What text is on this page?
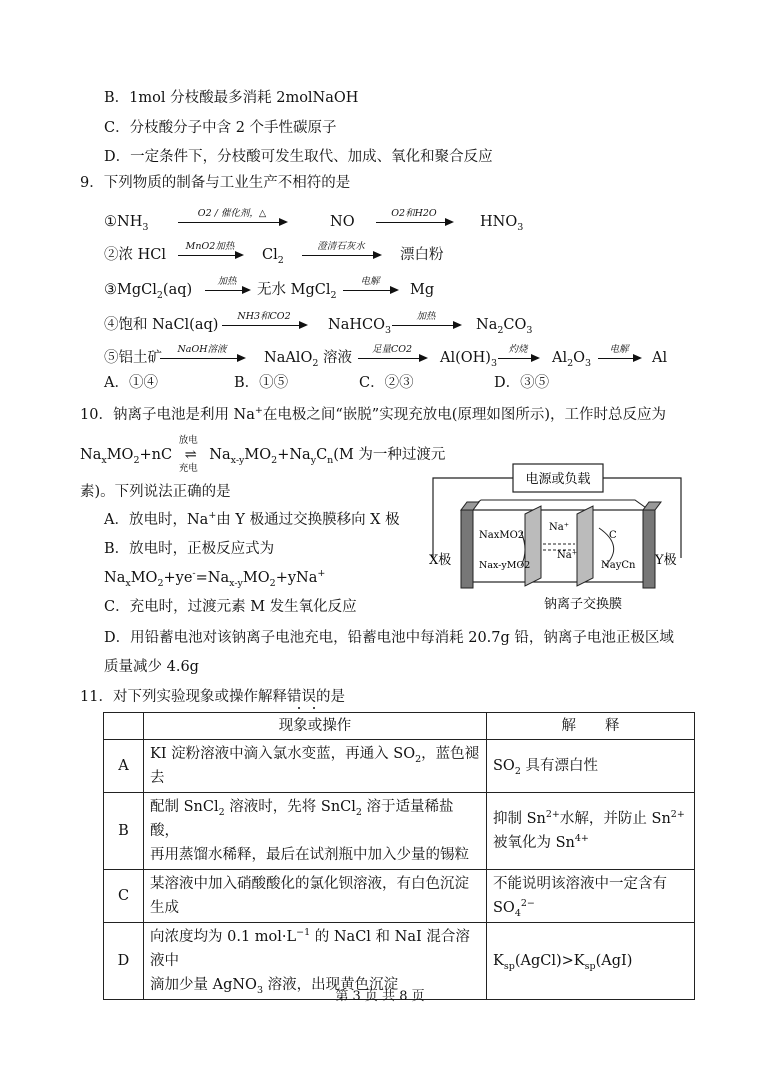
B．1mol 分枝酸最多消耗 2molNaOH
C．分枝酸分子中含 2 个手性碳原子
D．一定条件下，分枝酸可发生取代、加成、氧化和聚合反应
9．下列物质的制备与工业生产不相符的是
$①NH_3$
O2 / 催化剂，△
NO
O2和H2O
$HNO_3$
②浓 HCl
MnO2加热
$Cl_2$
澄清石灰水
漂白粉
③MgCl$_2$(aq)
加热
无水 MgCl$_2$
电解
Mg
④饱和 NaCl(aq)
NH3和CO2
NaHCO$_3$
加热
$Na_2CO_3$
⑤铝土矿
NaOH溶液
NaAlO$_2$ 溶液
足量CO2
$Al(OH)_3$
灼烧
$Al_2O_3$
电解
Al
A．①④	B．①⑤	C．②③	D．③⑤
10．钠离子电池是利用 Na+在电极之间“嵌脱”实现充放电(原理如图所示)，工作时总反应为
$Na_xMO_2+nC$ ⇌
放电
充电
$Na_{x-y}MO_2+Na_yC_n(M$ 为一种过渡元
素)。下列说法正确的是
A．放电时，Na+由 Y 极通过交换膜移向 X 极
B．放电时，正极反应式为
$Na_xMO_2+ye^-=Na_{x-y}MO_2+yNa^+$
C．充电时，过渡元素 M 发生氧化反应
D．用铅蓄电池对该钠离子电池充电，铅蓄电池中每消耗 20.7g 铅，钠离子电池正极区域
质量减少 4.6g
电源或负载
NaxMO2
Nax-yMO2
Na⁺
Na⁺
C
NayCn
X极	Y极
钠离子交换膜
11．对下列实验现象或操作解释错误的是
	现象或操作	解　　释
A	KI 淀粉溶液中滴入氯水变蓝，再通入 $SO_2$，蓝色褪
去	$SO_2$ 具有漂白性
B	配制 SnCl$_2$ 溶液时，先将 SnCl$_2$ 溶于适量稀盐酸，
再用蒸馏水稀释，最后在试剂瓶中加入少量的锡粒	抑制 $Sn^{2+}$水解，并防止 $Sn^{2+}$
被氧化为 $Sn^{4+}$
C	某溶液中加入硝酸酸化的氯化钡溶液，有白色沉淀
生成	不能说明该溶液中一定含有
$SO_4^{2-}$
D	向浓度均为 0.1 $mol\cdot L^{-1}$ 的 NaCl 和 NaI 混合溶液中
滴加少量 AgNO$_3$ 溶液，出现黄色沉淀	$K_{sp}(AgCl)>K_{sp}(AgI)$
第 3 页 共 8 页
